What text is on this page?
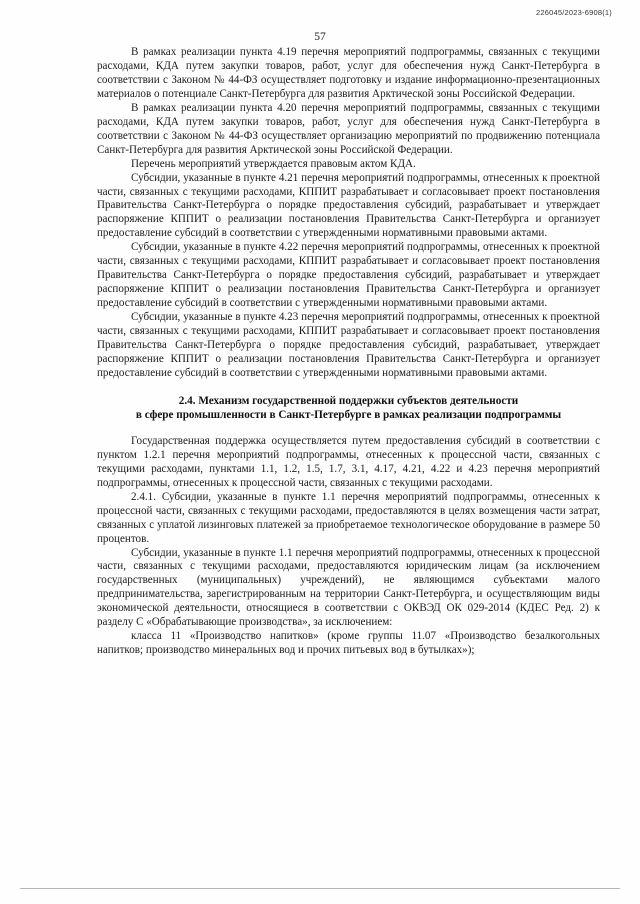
226045/2023-6908(1)
57

В рамках реализации пункта 4.19 перечня мероприятий подпрограммы, связанных с текущими расходами, КДА путем закупки товаров, работ, услуг для обеспечения нужд Санкт-Петербурга в соответствии с Законом № 44-ФЗ осуществляет подготовку и издание информационно-презентационных материалов о потенциале Санкт-Петербурга для развития Арктической зоны Российской Федерации.

В рамках реализации пункта 4.20 перечня мероприятий подпрограммы, связанных с текущими расходами, КДА путем закупки товаров, работ, услуг для обеспечения нужд Санкт-Петербурга в соответствии с Законом № 44-ФЗ осуществляет организацию мероприятий по продвижению потенциала Санкт-Петербурга для развития Арктической зоны Российской Федерации.

Перечень мероприятий утверждается правовым актом КДА.

Субсидии, указанные в пункте 4.21 перечня мероприятий подпрограммы, отнесенных к проектной части, связанных с текущими расходами, КППИТ разрабатывает и согласовывает проект постановления Правительства Санкт-Петербурга о порядке предоставления субсидий, разрабатывает и утверждает распоряжение КППИТ о реализации постановления Правительства Санкт-Петербурга и организует предоставление субсидий в соответствии с утвержденными нормативными правовыми актами.

Субсидии, указанные в пункте 4.22 перечня мероприятий подпрограммы, отнесенных к проектной части, связанных с текущими расходами, КППИТ разрабатывает и согласовывает проект постановления Правительства Санкт-Петербурга о порядке предоставления субсидий, разрабатывает и утверждает распоряжение КППИТ о реализации постановления Правительства Санкт-Петербурга и организует предоставление субсидий в соответствии с утвержденными нормативными правовыми актами.

Субсидии, указанные в пункте 4.23 перечня мероприятий подпрограммы, отнесенных к проектной части, связанных с текущими расходами, КППИТ разрабатывает и согласовывает проект постановления Правительства Санкт-Петербурга о порядке предоставления субсидий, разрабатывает, утверждает распоряжение КППИТ о реализации постановления Правительства Санкт-Петербурга и организует предоставление субсидий в соответствии с утвержденными нормативными правовыми актами.

2.4. Механизм государственной поддержки субъектов деятельности
в сфере промышленности в Санкт-Петербурге в рамках реализации подпрограммы

Государственная поддержка осуществляется путем предоставления субсидий в соответствии с пунктом 1.2.1 перечня мероприятий подпрограммы, отнесенных к процессной части, связанных с текущими расходами, пунктами 1.1, 1.2, 1.5, 1.7, 3.1, 4.17, 4.21, 4.22 и 4.23 перечня мероприятий подпрограммы, отнесенных к процессной части, связанных с текущими расходами.

2.4.1. Субсидии, указанные в пункте 1.1 перечня мероприятий подпрограммы, отнесенных к процессной части, связанных с текущими расходами, предоставляются в целях возмещения части затрат, связанных с уплатой лизинговых платежей за приобретаемое технологическое оборудование в размере 50 процентов.

Субсидии, указанные в пункте 1.1 перечня мероприятий подпрограммы, отнесенных к процессной части, связанных с текущими расходами, предоставляются юридическим лицам (за исключением государственных (муниципальных) учреждений), не являющимся субъектами малого предпринимательства, зарегистрированным на территории Санкт-Петербурга, и осуществляющим виды экономической деятельности, относящиеся в соответствии с ОКВЭД ОК 029-2014 (КДЕС Ред. 2) к разделу С «Обрабатывающие производства», за исключением:

класса 11 «Производство напитков» (кроме группы 11.07 «Производство безалкогольных напитков; производство минеральных вод и прочих питьевых вод в бутылках»);
